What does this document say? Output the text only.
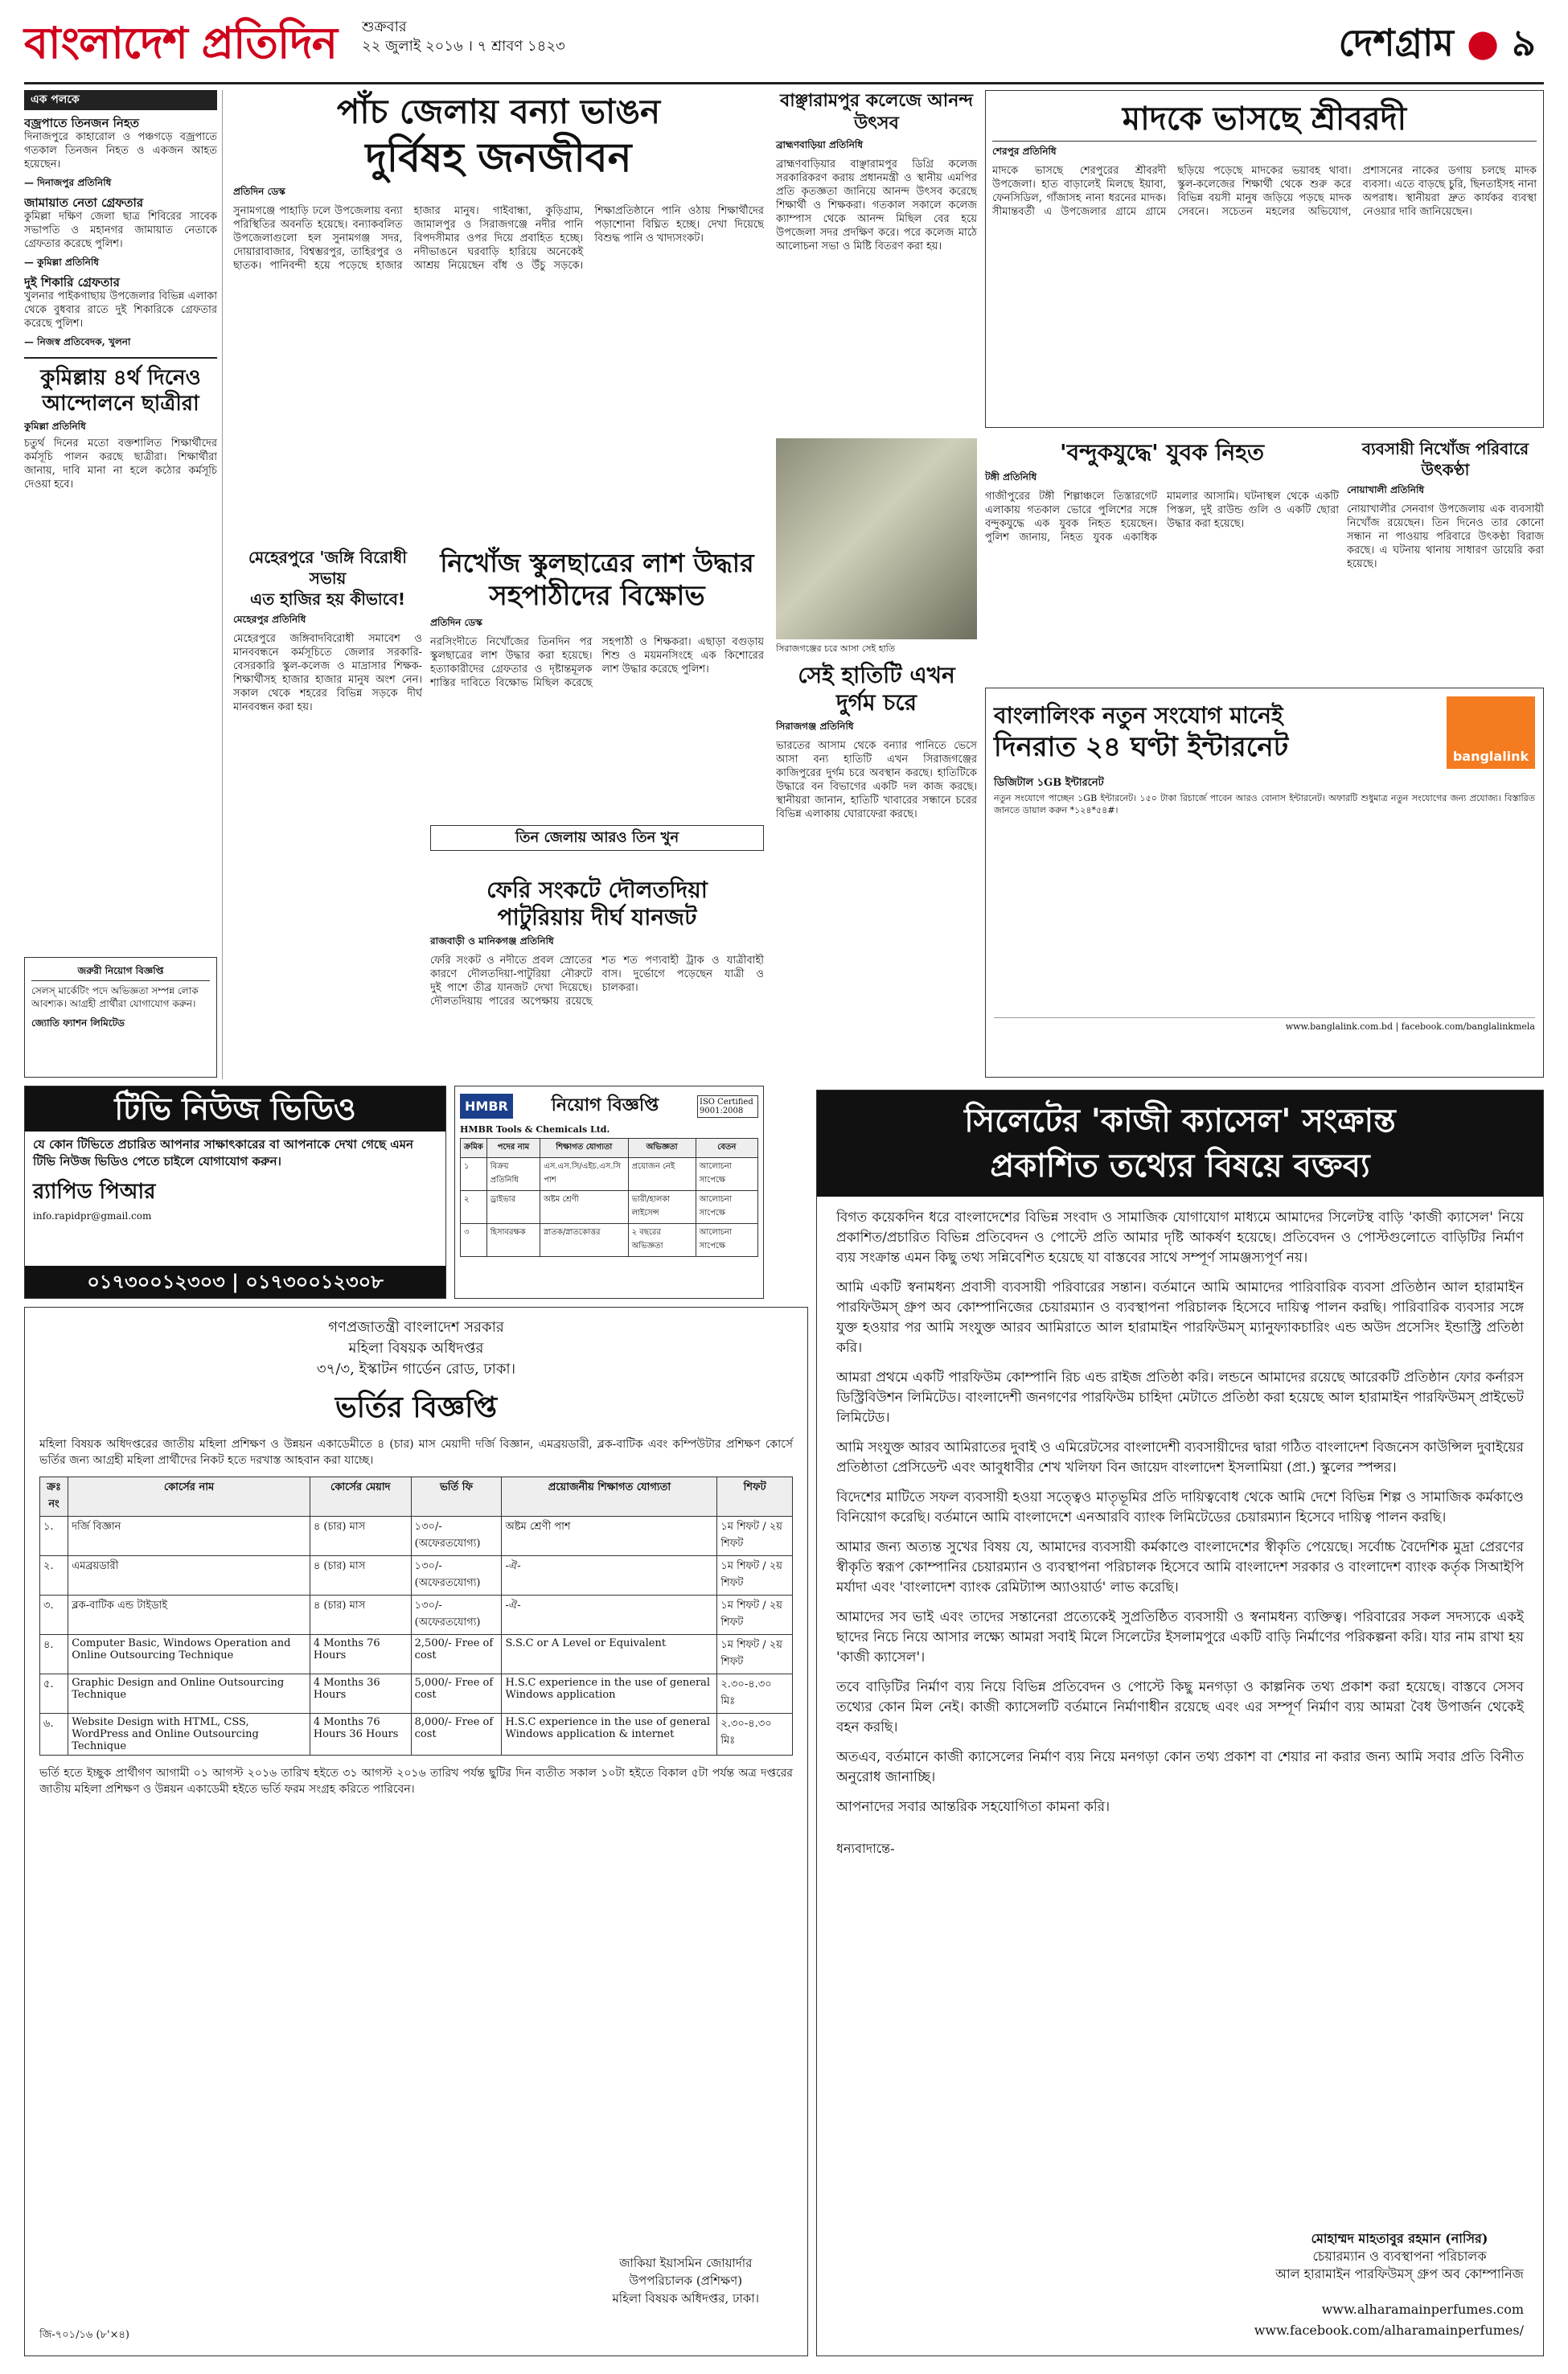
বাংলাদেশ প্রতিদিন	শুক্রবার
২২ জুলাই ২০১৬ । ৭ শ্রাবণ ১৪২৩	দেশগ্রাম ● ৯
এক পলকে
বজ্রপাতে তিনজন নিহত

দিনাজপুরে কাহারোল ও পঞ্চগড়ে বজ্রপাতে গতকাল তিনজন নিহত ও একজন আহত হয়েছেন।

— দিনাজপুর প্রতিনিধি
জামায়াত নেতা গ্রেফতার

কুমিল্লা দক্ষিণ জেলা ছাত্র শিবিরের সাবেক সভাপতি ও মহানগর জামায়াত নেতাকে গ্রেফতার করেছে পুলিশ।

— কুমিল্লা প্রতিনিধি
দুই শিকারি গ্রেফতার

খুলনার পাইকগাছায় উপজেলার বিভিন্ন এলাকা থেকে বুধবার রাতে দুই শিকারিকে গ্রেফতার করেছে পুলিশ।

— নিজস্ব প্রতিবেদক, খুলনা
কুমিল্লায় ৪র্থ দিনেও
আন্দোলনে ছাত্রীরা
কুমিল্লা প্রতিনিধি

চতুর্থ দিনের মতো বক্তশালিত শিক্ষার্থীদের কর্মসূচি পালন করছে ছাত্রীরা। শিক্ষার্থীরা জানায়, দাবি মানা না হলে কঠোর কর্মসূচি দেওয়া হবে।

জরুরী নিয়োগ বিজ্ঞপ্তি
সেলস্ মার্কেটিং পদে অভিজ্ঞতা সম্পন্ন লোক আবশ্যক। আগ্রহী প্রার্থীরা যোগাযোগ করুন।
জ্যোতি ফ্যাশন লিমিটেড
পাঁচ জেলায় বন্যা ভাঙন
দুর্বিষহ জনজীবন
প্রতিদিন ডেস্ক

সুনামগঞ্জে পাহাড়ি ঢলে উপজেলায় বন্যা পরিস্থিতির অবনতি হয়েছে। বন্যাকবলিত উপজেলাগুলো হল সুনামগঞ্জ সদর, দোয়ারাবাজার, বিশ্বম্ভরপুর, তাহিরপুর ও ছাতক। পানিবন্দী হয়ে পড়েছে হাজার হাজার মানুষ। গাইবান্ধা, কুড়িগ্রাম, জামালপুর ও সিরাজগঞ্জে নদীর পানি বিপদসীমার ওপর দিয়ে প্রবাহিত হচ্ছে। নদীভাঙনে ঘরবাড়ি হারিয়ে অনেকেই আশ্রয় নিয়েছেন বাঁধ ও উঁচু সড়কে। শিক্ষাপ্রতিষ্ঠানে পানি ওঠায় শিক্ষার্থীদের পড়াশোনা বিঘ্নিত হচ্ছে। দেখা দিয়েছে বিশুদ্ধ পানি ও খাদ্যসংকট।

বাঞ্ছারামপুর কলেজে আনন্দ উৎসব
ব্রাহ্মণবাড়িয়া প্রতিনিধি

ব্রাহ্মণবাড়িয়ার বাঞ্ছারামপুর ডিগ্রি কলেজ সরকারিকরণ করায় প্রধানমন্ত্রী ও স্থানীয় এমপির প্রতি কৃতজ্ঞতা জানিয়ে আনন্দ উৎসব করেছে শিক্ষার্থী ও শিক্ষকরা। গতকাল সকালে কলেজ ক্যাম্পাস থেকে আনন্দ মিছিল বের হয়ে উপজেলা সদর প্রদক্ষিণ করে। পরে কলেজ মাঠে আলোচনা সভা ও মিষ্টি বিতরণ করা হয়।

মাদকে ভাসছে শ্রীবরদী
শেরপুর প্রতিনিধি

মাদকে ভাসছে শেরপুরের শ্রীবরদী উপজেলা। হাত বাড়ালেই মিলছে ইয়াবা, ফেনসিডিল, গাঁজাসহ নানা ধরনের মাদক। সীমান্তবর্তী এ উপজেলার গ্রামে গ্রামে ছড়িয়ে পড়েছে মাদকের ভয়াবহ থাবা। স্কুল-কলেজের শিক্ষার্থী থেকে শুরু করে বিভিন্ন বয়সী মানুষ জড়িয়ে পড়ছে মাদক সেবনে। সচেতন মহলের অভিযোগ, প্রশাসনের নাকের ডগায় চলছে মাদক ব্যবসা। এতে বাড়ছে চুরি, ছিনতাইসহ নানা অপরাধ। স্থানীয়রা দ্রুত কার্যকর ব্যবস্থা নেওয়ার দাবি জানিয়েছেন।

মেহেরপুরে 'জঙ্গি বিরোধী সভায়
এত হাজির হয় কীভাবে!
মেহেরপুর প্রতিনিধি

মেহেরপুরে জঙ্গিবাদবিরোধী সমাবেশ ও মানববন্ধনে কর্মসূচিতে জেলার সরকারি-বেসরকারি স্কুল-কলেজ ও মাদ্রাসার শিক্ষক-শিক্ষার্থীসহ হাজার হাজার মানুষ অংশ নেন। সকাল থেকে শহরের বিভিন্ন সড়কে দীর্ঘ মানববন্ধন করা হয়।

নিখোঁজ স্কুলছাত্রের লাশ উদ্ধার
সহপাঠীদের বিক্ষোভ
প্রতিদিন ডেস্ক

নরসিংদীতে নিখোঁজের তিনদিন পর স্কুলছাত্রের লাশ উদ্ধার করা হয়েছে। হত্যাকারীদের গ্রেফতার ও দৃষ্টান্তমূলক শাস্তির দাবিতে বিক্ষোভ মিছিল করেছে সহপাঠী ও শিক্ষকরা। এছাড়া বগুড়ায় শিশু ও ময়মনসিংহে এক কিশোরের লাশ উদ্ধার করেছে পুলিশ।

তিন জেলায় আরও তিন খুন
ফেরি সংকটে দৌলতদিয়া
পাটুরিয়ায় দীর্ঘ যানজট
রাজবাড়ী ও মানিকগঞ্জ প্রতিনিধি

ফেরি সংকট ও নদীতে প্রবল স্রোতের কারণে দৌলতদিয়া-পাটুরিয়া নৌরুটে দুই পাশে তীব্র যানজট দেখা দিয়েছে। দৌলতদিয়ায় পারের অপেক্ষায় রয়েছে শত শত পণ্যবাহী ট্রাক ও যাত্রীবাহী বাস। দুর্ভোগে পড়েছেন যাত্রী ও চালকরা।

সিরাজগঞ্জের চরে আসা সেই হাতি
সেই হাতিটি এখন
দুর্গম চরে
সিরাজগঞ্জ প্রতিনিধি

ভারতের আসাম থেকে বন্যার পানিতে ভেসে আসা বন্য হাতিটি এখন সিরাজগঞ্জের কাজিপুরের দুর্গম চরে অবস্থান করছে। হাতিটিকে উদ্ধারে বন বিভাগের একটি দল কাজ করছে। স্থানীয়রা জানান, হাতিটি খাবারের সন্ধানে চরের বিভিন্ন এলাকায় ঘোরাফেরা করছে।

'বন্দুকযুদ্ধে' যুবক নিহত
টঙ্গী প্রতিনিধি

গাজীপুরের টঙ্গী শিল্পাঞ্চলে তিস্তারগেট এলাকায় গতকাল ভোরে পুলিশের সঙ্গে বন্দুকযুদ্ধে এক যুবক নিহত হয়েছেন। পুলিশ জানায়, নিহত যুবক একাধিক মামলার আসামি। ঘটনাস্থল থেকে একটি পিস্তল, দুই রাউন্ড গুলি ও একটি ছোরা উদ্ধার করা হয়েছে।

ব্যবসায়ী নিখোঁজ পরিবারে উৎকণ্ঠা
নোয়াখালী প্রতিনিধি

নোয়াখালীর সেনবাগ উপজেলায় এক ব্যবসায়ী নিখোঁজ রয়েছেন। তিন দিনেও তার কোনো সন্ধান না পাওয়ায় পরিবারে উৎকণ্ঠা বিরাজ করছে। এ ঘটনায় থানায় সাধারণ ডায়েরি করা হয়েছে।

বাংলালিংক নতুন সংযোগ মানেই
দিনরাত ২৪ ঘণ্টা ইন্টারনেট	banglalink
ডিজিটাল ১GB ইন্টারনেট

নতুন সংযোগে পাচ্ছেন ১GB ইন্টারনেট। ১৫০ টাকা রিচার্জে পাবেন আরও বোনাস ইন্টারনেট। অফারটি শুধুমাত্র নতুন সংযোগের জন্য প্রযোজ্য। বিস্তারিত জানতে ডায়াল করুন *১২৪*৫৪#।

www.banglalink.com.bd | facebook.com/banglalinkmela
টিভি নিউজ ভিডিও
যে কোন টিভিতে প্রচারিত আপনার সাক্ষাৎকারের বা আপনাকে দেখা গেছে এমন টিভি নিউজ ভিডিও পেতে চাইলে যোগাযোগ করুন।
র‍্যাপিড পিআর
info.rapidpr@gmail.com
০১৭৩০০১২৩০৩ | ০১৭৩০০১২৩০৮
HMBR	নিয়োগ বিজ্ঞপ্তি	ISO Certified 9001:2008
HMBR Tools & Chemicals Ltd.
ক্রমিক	পদের নাম	শিক্ষাগত যোগ্যতা	অভিজ্ঞতা	বেতন
১	বিক্রয় প্রতিনিধি	এস.এস.সি/এইচ.এস.সি পাশ	প্রয়োজন নেই	আলোচনা সাপেক্ষে
২	ড্রাইভার	অষ্টম শ্রেণী	ভারী/হালকা লাইসেন্স	আলোচনা সাপেক্ষে
৩	হিসাবরক্ষক	স্নাতক/স্নাতকোত্তর	২ বছরের অভিজ্ঞতা	আলোচনা সাপেক্ষে
সিলেটের 'কাজী ক্যাসেল' সংক্রান্ত
প্রকাশিত তথ্যের বিষয়ে বক্তব্য

বিগত কয়েকদিন ধরে বাংলাদেশের বিভিন্ন সংবাদ ও সামাজিক যোগাযোগ মাধ্যমে আমাদের সিলেটস্থ বাড়ি 'কাজী ক্যাসেল' নিয়ে প্রকাশিত/প্রচারিত বিভিন্ন প্রতিবেদন ও পোস্টে প্রতি আমার দৃষ্টি আকর্ষণ হয়েছে। প্রতিবেদন ও পোস্টগুলোতে বাড়িটির নির্মাণ ব্যয় সংক্রান্ত এমন কিছু তথ্য সন্নিবেশিত হয়েছে যা বাস্তবের সাথে সম্পূর্ণ সামঞ্জস্যপূর্ণ নয়।

আমি একটি স্বনামধন্য প্রবাসী ব্যবসায়ী পরিবারের সন্তান। বর্তমানে আমি আমাদের পারিবারিক ব্যবসা প্রতিষ্ঠান আল হারামাইন পারফিউমস্ গ্রুপ অব কোম্পানিজের চেয়ারম্যান ও ব্যবস্থাপনা পরিচালক হিসেবে দায়িত্ব পালন করছি। পারিবারিক ব্যবসার সঙ্গে যুক্ত হওয়ার পর আমি সংযুক্ত আরব আমিরাতে আল হারামাইন পারফিউমস্ ম্যানুফ্যাকচারিং এন্ড অউদ প্রসেসিং ইন্ডাস্ট্রি প্রতিষ্ঠা করি।

আমরা প্রথমে একটি পারফিউম কোম্পানি রিচ এন্ড রাইজ প্রতিষ্ঠা করি। লন্ডনে আমাদের রয়েছে আরেকটি প্রতিষ্ঠান ফোর কর্নারস ডিস্ট্রিবিউশন লিমিটেড। বাংলাদেশী জনগণের পারফিউম চাহিদা মেটাতে প্রতিষ্ঠা করা হয়েছে আল হারামাইন পারফিউমস্ প্রাইভেট লিমিটেড।

আমি সংযুক্ত আরব আমিরাতের দুবাই ও এমিরেটসের বাংলাদেশী ব্যবসায়ীদের দ্বারা গঠিত বাংলাদেশ বিজনেস কাউন্সিল দুবাইয়ের প্রতিষ্ঠাতা প্রেসিডেন্ট এবং আবুধাবীর শেখ খলিফা বিন জায়েদ বাংলাদেশ ইসলামিয়া (প্রা.) স্কুলের স্পন্সর।

বিদেশের মাটিতে সফল ব্যবসায়ী হওয়া সত্ত্বেও মাতৃভূমির প্রতি দায়িত্ববোধ থেকে আমি দেশে বিভিন্ন শিল্প ও সামাজিক কর্মকাণ্ডে বিনিয়োগ করেছি। বর্তমানে আমি বাংলাদেশে এনআরবি ব্যাংক লিমিটেডের চেয়ারম্যান হিসেবে দায়িত্ব পালন করছি।

আমার জন্য অত্যন্ত সুখের বিষয় যে, আমাদের ব্যবসায়ী কর্মকাণ্ডে বাংলাদেশের স্বীকৃতি পেয়েছে। সর্বোচ্চ বৈদেশিক মুদ্রা প্রেরণের স্বীকৃতি স্বরূপ কোম্পানির চেয়ারম্যান ও ব্যবস্থাপনা পরিচালক হিসেবে আমি বাংলাদেশ সরকার ও বাংলাদেশ ব্যাংক কর্তৃক সিআইপি মর্যাদা এবং 'বাংলাদেশ ব্যাংক রেমিট্যান্স অ্যাওয়ার্ড' লাভ করেছি।

আমাদের সব ভাই এবং তাদের সন্তানেরা প্রত্যেকেই সুপ্রতিষ্ঠিত ব্যবসায়ী ও স্বনামধন্য ব্যক্তিত্ব। পরিবারের সকল সদস্যকে একই ছাদের নিচে নিয়ে আসার লক্ষ্যে আমরা সবাই মিলে সিলেটের ইসলামপুরে একটি বাড়ি নির্মাণের পরিকল্পনা করি। যার নাম রাখা হয় 'কাজী ক্যাসেল'।

তবে বাড়িটির নির্মাণ ব্যয় নিয়ে বিভিন্ন প্রতিবেদন ও পোস্টে কিছু মনগড়া ও কাল্পনিক তথ্য প্রকাশ করা হয়েছে। বাস্তবে সেসব তথ্যের কোন মিল নেই। কাজী ক্যাসেলটি বর্তমানে নির্মাণাধীন রয়েছে এবং এর সম্পূর্ণ নির্মাণ ব্যয় আমরা বৈধ উপার্জন থেকেই বহন করছি।

অতএব, বর্তমানে কাজী ক্যাসেলের নির্মাণ ব্যয় নিয়ে মনগড়া কোন তথ্য প্রকাশ বা শেয়ার না করার জন্য আমি সবার প্রতি বিনীত অনুরোধ জানাচ্ছি।

আপনাদের সবার আন্তরিক সহযোগিতা কামনা করি।

ধন্যবাদান্তে-
মোহাম্মদ মাহতাবুর রহমান (নাসির)
চেয়ারম্যান ও ব্যবস্থাপনা পরিচালক
আল হারামাইন পারফিউমস্ গ্রুপ অব কোম্পানিজ
www.alharamainperfumes.com
www.facebook.com/alharamainperfumes/
গণপ্রজাতন্ত্রী বাংলাদেশ সরকার
মহিলা বিষয়ক অধিদপ্তর
৩৭/৩, ইস্কাটন গার্ডেন রোড, ঢাকা।
ভর্তির বিজ্ঞপ্তি
মহিলা বিষয়ক অধিদপ্তরের জাতীয় মহিলা প্রশিক্ষণ ও উন্নয়ন একাডেমীতে ৪ (চার) মাস মেয়াদী দর্জি বিজ্ঞান, এমব্রয়ডারী, ব্লক-বাটিক এবং কম্পিউটার প্রশিক্ষণ কোর্সে ভর্তির জন্য আগ্রহী মহিলা প্রার্থীদের নিকট হতে দরখাস্ত আহবান করা যাচ্ছে।
ক্রঃ নং	কোর্সের নাম	কোর্সের মেয়াদ	ভর্তি ফি	প্রয়োজনীয় শিক্ষাগত যোগ্যতা	শিফট
১.	দর্জি বিজ্ঞান	৪ (চার) মাস	১৩০/- (অফেরতযোগ্য)	অষ্টম শ্রেণী পাশ	১ম শিফট / ২য় শিফট
২.	এমব্রয়ডারী	৪ (চার) মাস	১৩০/- (অফেরতযোগ্য)	-ঐ-	১ম শিফট / ২য় শিফট
৩.	ব্লক-বাটিক এন্ড টাইডাই	৪ (চার) মাস	১৩০/- (অফেরতযোগ্য)	-ঐ-	১ম শিফট / ২য় শিফট
৪.	Computer Basic, Windows Operation and Online Outsourcing Technique	4 Months 76 Hours	2,500/- Free of cost	S.S.C or A Level or Equivalent	১ম শিফট / ২য় শিফট
৫.	Graphic Design and Online Outsourcing Technique	4 Months 36 Hours	5,000/- Free of cost	H.S.C experience in the use of general Windows application	২.৩০-৪.৩০ মিঃ
৬.	Website Design with HTML, CSS, WordPress and Online Outsourcing Technique	4 Months 76 Hours 36 Hours	8,000/- Free of cost	H.S.C experience in the use of general Windows application & internet	২.৩০-৪.৩০ মিঃ
ভর্তি হতে ইচ্ছুক প্রার্থীগণ আগামী ০১ আগস্ট ২০১৬ তারিখ হইতে ৩১ আগস্ট ২০১৬ তারিখ পর্যন্ত ছুটির দিন ব্যতীত সকাল ১০টা হইতে বিকাল ৫টা পর্যন্ত অত্র দপ্তরের জাতীয় মহিলা প্রশিক্ষণ ও উন্নয়ন একাডেমী হইতে ভর্তি ফরম সংগ্রহ করিতে পারিবেন।
জাকিয়া ইয়াসমিন জোয়ার্দার
উপপরিচালক (প্রশিক্ষণ)
মহিলা বিষয়ক অধিদপ্তর, ঢাকা।
জি-৭০১/১৬ (৮'×৪)
